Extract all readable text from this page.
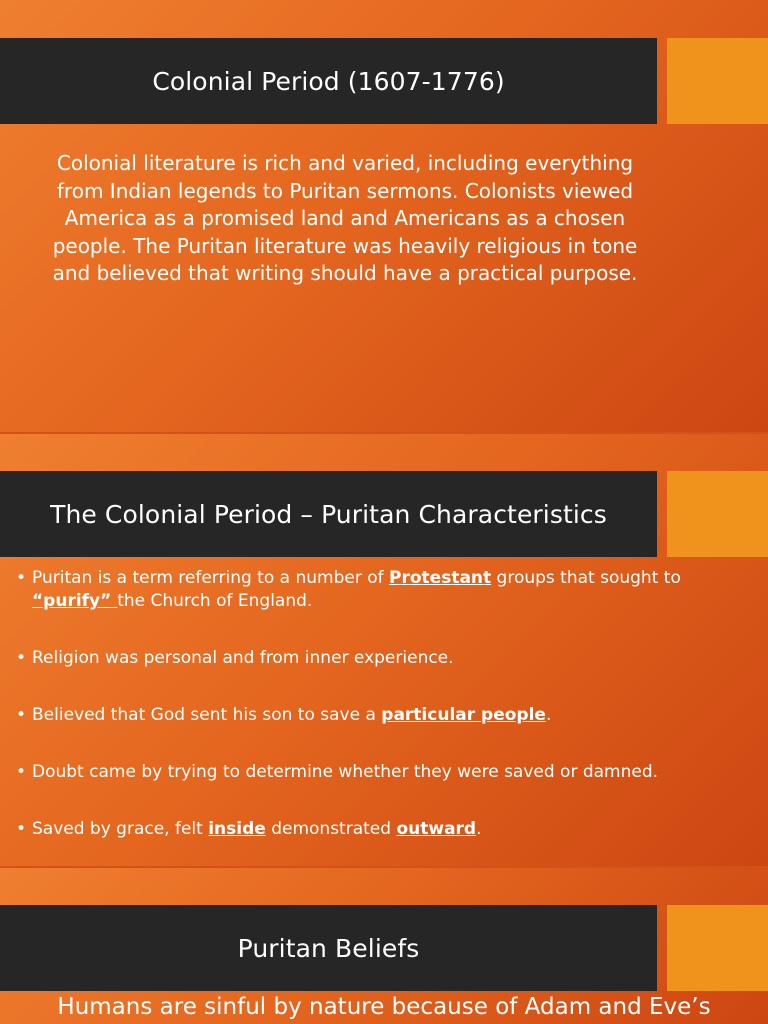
Colonial Period (1607-1776)
Colonial literature is rich and varied, including everything from Indian legends to Puritan sermons. Colonists viewed America as a promised land and Americans as a chosen people. The Puritan literature was heavily religious in tone and believed that writing should have a practical purpose.
The Colonial Period – Puritan Characteristics
• Puritan is a term referring to a number of Protestant groups that sought to “purify” the Church of England.
• Religion was personal and from inner experience.
• Believed that God sent his son to save a particular people.
• Doubt came by trying to determine whether they were saved or damned.
• Saved by grace, felt inside demonstrated outward.
Puritan Beliefs
Humans are sinful by nature because of Adam and Eve’s
